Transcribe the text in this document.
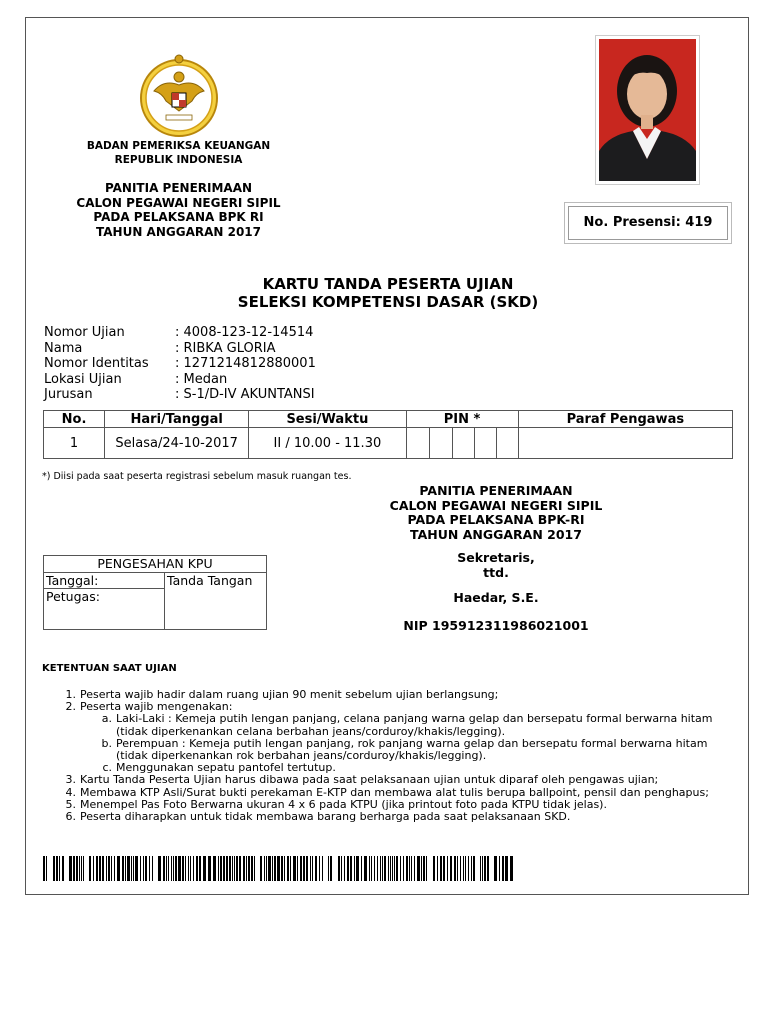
BADAN PEMERIKSA KEUANGAN
REPUBLIK INDONESIA
PANITIA PENERIMAAN
CALON PEGAWAI NEGERI SIPIL
PADA PELAKSANA BPK RI
TAHUN ANGGARAN 2017
No. Presensi: 419
KARTU TANDA PESERTA UJIAN
SELEKSI KOMPETENSI DASAR (SKD)
Nomor Ujian	: 4008-123-12-14514
Nama	: RIBKA GLORIA
Nomor Identitas	: 1271214812880001
Lokasi Ujian	: Medan
Jurusan	: S-1/D-IV AKUNTANSI
No.	Hari/Tanggal	Sesi/Waktu	PIN *					Paraf Pengawas
1	Selasa/24-10-2017	II / 10.00 - 11.30						
*) Diisi pada saat peserta registrasi sebelum masuk ruangan tes.
PANITIA PENERIMAAN
CALON PEGAWAI NEGERI SIPIL
PADA PELAKSANA BPK-RI
TAHUN ANGGARAN 2017
Sekretaris,
ttd.
Haedar, S.E.
NIP 195912311986021001
PENGESAHAN KPU
Tanggal:	Tanda Tangan
Petugas:
KETENTUAN SAAT UJIAN
1. Peserta wajib hadir dalam ruang ujian 90 menit sebelum ujian berlangsung;
2. Peserta wajib mengenakan:
a. Laki-Laki : Kemeja putih lengan panjang, celana panjang warna gelap dan bersepatu formal berwarna hitam
(tidak diperkenankan celana berbahan jeans/corduroy/khakis/legging).
b. Perempuan : Kemeja putih lengan panjang, rok panjang warna gelap dan bersepatu formal berwarna hitam
(tidak diperkenankan rok berbahan jeans/corduroy/khakis/legging).
c. Menggunakan sepatu pantofel tertutup.
3. Kartu Tanda Peserta Ujian harus dibawa pada saat pelaksanaan ujian untuk diparaf oleh pengawas ujian;
4. Membawa KTP Asli/Surat bukti perekaman E-KTP dan membawa alat tulis berupa ballpoint, pensil dan penghapus;
5. Menempel Pas Foto Berwarna ukuran 4 x 6 pada KTPU (jika printout foto pada KTPU tidak jelas).
6. Peserta diharapkan untuk tidak membawa barang berharga pada saat pelaksanaan SKD.
